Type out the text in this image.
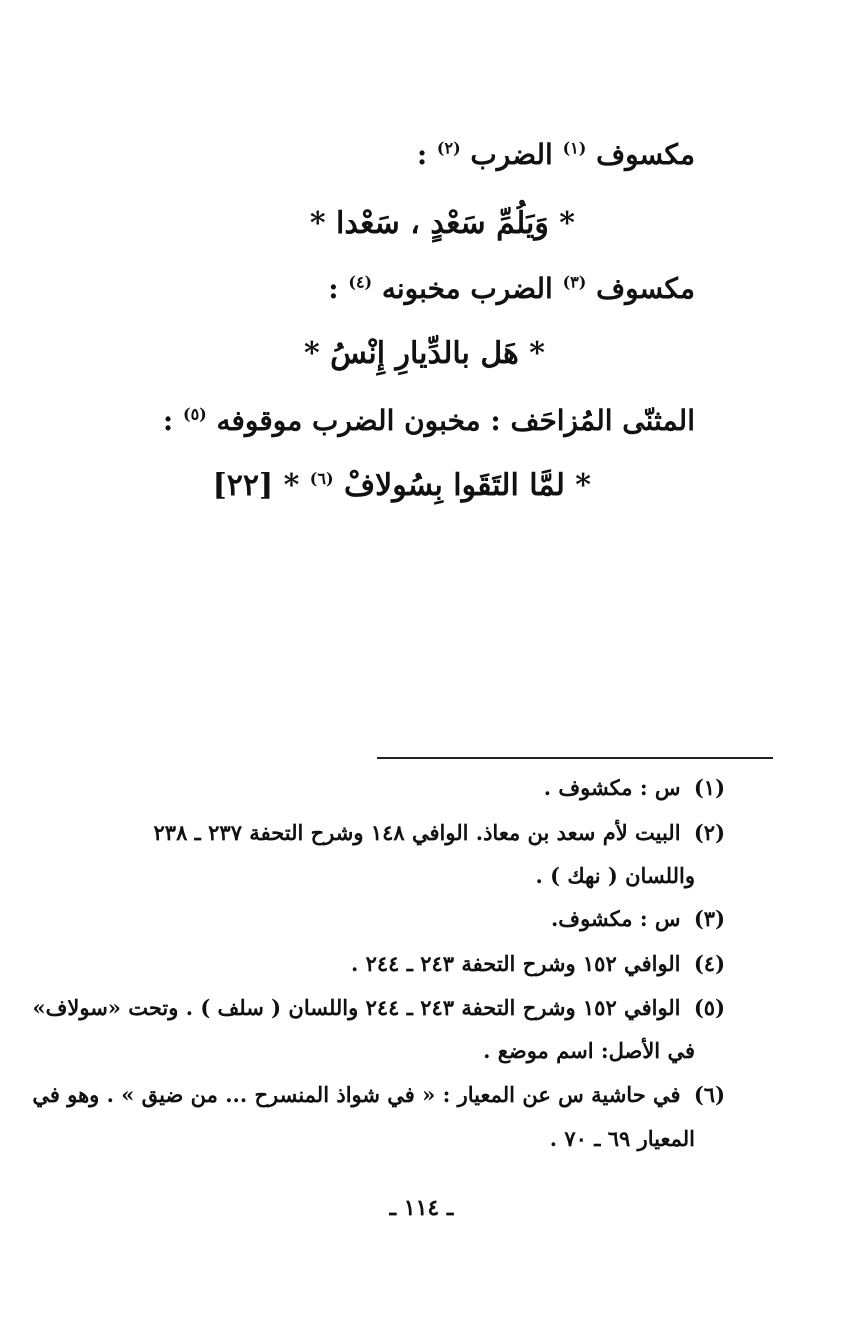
مكسوف $^{(١)}$ الضرب $^{(٢)}$ :

* وَيَلُمِّ سَعْدٍ ، سَعْدا *

مكسوف $^{(٣)}$ الضرب مخبونه $^{(٤)}$ :

* هَل بالدِّيارِ إِنْسُ *

المثنّى المُزاحَف : مخبون الضرب موقوفه $^{(٥)}$ :

* لمَّا التَقَوا بِسُولافْ $^{(٦)}$ * [٢٢]

(١) س : مكشوف .

(٢) البيت لأم سعد بن معاذ. الوافي ١٤٨ وشرح التحفة ٢٣٧ ـ ٢٣٨

واللسان ( نهك ) .

(٣) س : مكشوف.

(٤) الوافي ١٥٢ وشرح التحفة ٢٤٣ ـ ٢٤٤ .

(٥) الوافي ١٥٢ وشرح التحفة ٢٤٣ ـ ٢٤٤ واللسان ( سلف ) . وتحت «سولاف»

في الأصل: اسم موضع .

(٦) في حاشية س عن المعيار : « في شواذ المنسرح ... من ضيق » . وهو في

المعيار ٦٩ ـ ٧٠ .

ـ ١١٤ ـ
